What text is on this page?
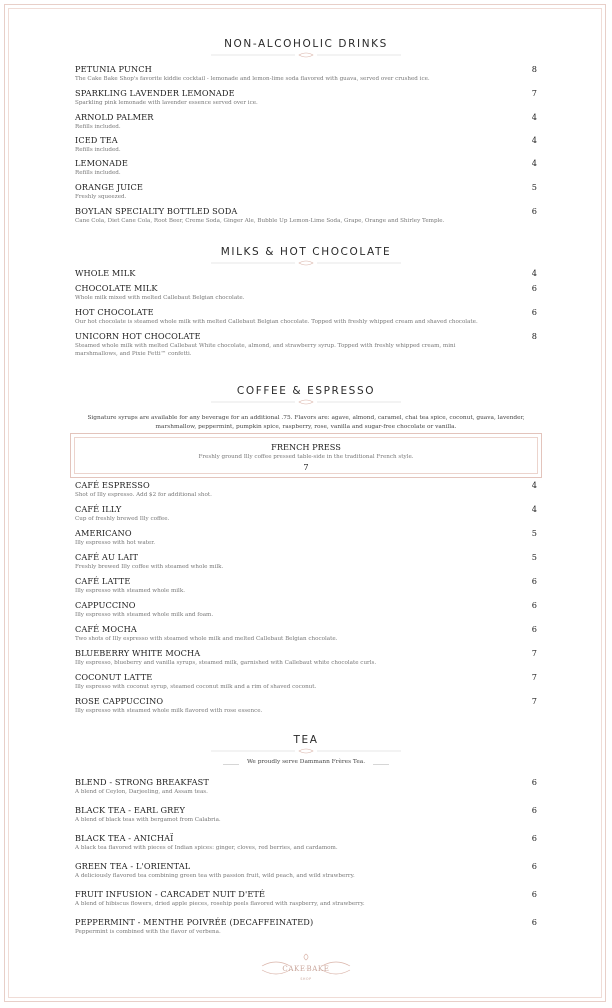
NON-ALCOHOLIC DRINKS
PETUNIA PUNCH
The Cake Bake Shop's favorite kiddie cocktail - lemonade and lemon-lime soda flavored with guava, served over crushed ice.
8
SPARKLING LAVENDER LEMONADE
Sparkling pink lemonade with lavender essence served over ice.
7
ARNOLD PALMER
Refills included.
4
ICED TEA
Refills included.
4
LEMONADE
Refills included.
4
ORANGE JUICE
Freshly squeezed.
5
BOYLAN SPECIALTY BOTTLED SODA
Cane Cola, Diet Cane Cola, Root Beer, Creme Soda, Ginger Ale, Bubble Up Lemon-Lime Soda, Grape, Orange and Shirley Temple.
6
MILKS & HOT CHOCOLATE
WHOLE MILK	4
CHOCOLATE MILK
Whole milk mixed with melted Callebaut Belgian chocolate.
6
HOT CHOCOLATE
Our hot chocolate is steamed whole milk with melted Callebaut Belgian chocolate. Topped with freshly whipped cream and shaved chocolate.
6
UNICORN HOT CHOCOLATE
Steamed whole milk with melted Callebaut White chocolate, almond, and strawberry syrup. Topped with freshly whipped cream, mini marshmallows, and Pixie Fetti™ confetti.
8
COFFEE & ESPRESSO
Signature syrups are available for any beverage for an additional .75. Flavors are: agave, almond, caramel, chai tea spice, coconut, guava, lavender, marshmallow, peppermint, pumpkin spice, raspberry, rose, vanilla and sugar-free chocolate or vanilla.
FRENCH PRESS
Freshly ground Illy coffee pressed table-side in the traditional French style.
7
CAFÉ ESPRESSO
Shot of Illy espresso. Add $2 for additional shot.
4
CAFÉ ILLY
Cup of freshly brewed Illy coffee.
4
AMERICANO
Illy espresso with hot water.
5
CAFÉ AU LAIT
Freshly brewed Illy coffee with steamed whole milk.
5
CAFÉ LATTE
Illy espresso with steamed whole milk.
6
CAPPUCCINO
Illy espresso with steamed whole milk and foam.
6
CAFÉ MOCHA
Two shots of Illy espresso with steamed whole milk and melted Callebaut Belgian chocolate.
6
BLUEBERRY WHITE MOCHA
Illy espresso, blueberry and vanilla syrups, steamed milk, garnished with Callebaut white chocolate curls.
7
COCONUT LATTE
Illy espresso with coconut syrup, steamed coconut milk and a rim of shaved coconut.
7
ROSE CAPPUCCINO
Illy espresso with steamed whole milk flavored with rose essence.
7
TEA
We proudly serve Dammann Frères Tea.
BLEND - STRONG BREAKFAST
A blend of Ceylon, Darjeeling, and Assam teas.
6
BLACK TEA - EARL GREY
A blend of black teas with bergamot from Calabria.
6
BLACK TEA - ANICHAÏ
A black tea flavored with pieces of Indian spices: ginger, cloves, red berries, and cardamom.
6
GREEN TEA - L'ORIENTAL
A deliciously flavored tea combining green tea with passion fruit, wild peach, and wild strawberry.
6
FRUIT INFUSION - CARCADET NUIT D'ETÉ
A blend of hibiscus flowers, dried apple pieces, rosehip peels flavored with raspberry, and strawberry.
6
PEPPERMINT - MENTHE POIVRÉE (DECAFFEINATED)
Peppermint is combined with the flavor of verbena.
6
CAKE · BAKE
SHOP
